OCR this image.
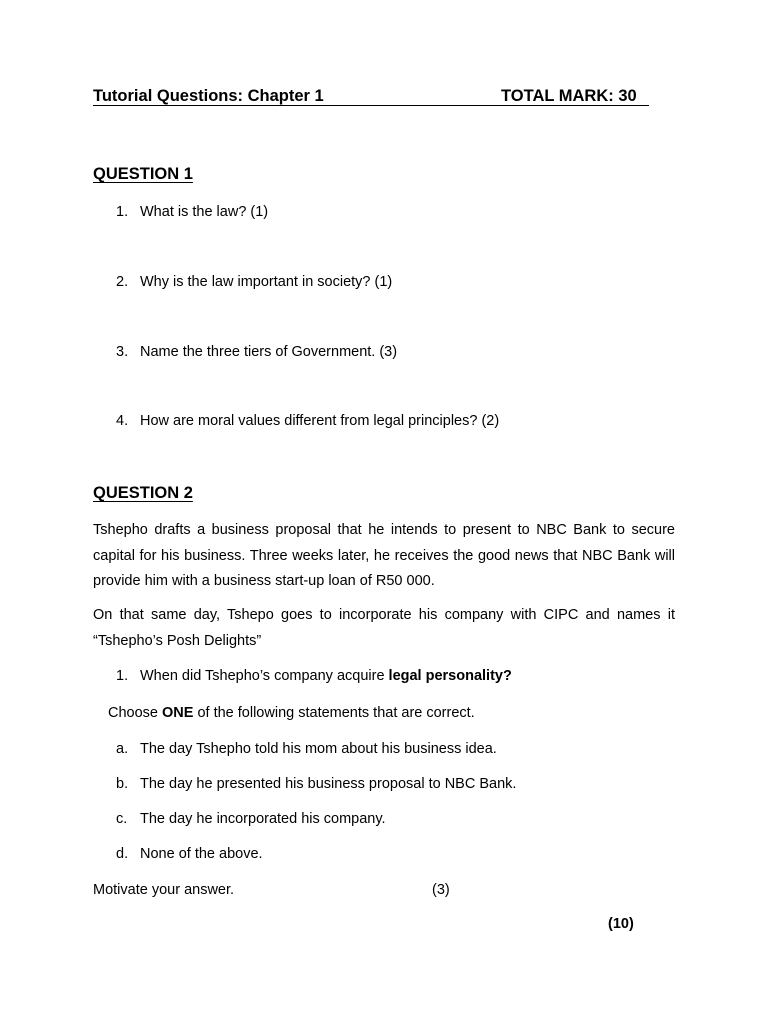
Tutorial Questions: Chapter 1	TOTAL MARK: 30
QUESTION 1
1. What is the law? (1)
2. Why is the law important in society? (1)
3. Name the three tiers of Government. (3)
4. How are moral values different from legal principles? (2)
QUESTION 2
Tshepho drafts a business proposal that he intends to present to NBC Bank to secure capital for his business. Three weeks later, he receives the good news that NBC Bank will provide him with a business start-up loan of R50 000.
On that same day, Tshepo goes to incorporate his company with CIPC and names it “Tshepho’s Posh Delights”
1. When did Tshepho’s company acquire legal personality?
Choose ONE of the following statements that are correct.
a. The day Tshepho told his mom about his business idea.
b. The day he presented his business proposal to NBC Bank.
c. The day he incorporated his company.
d. None of the above.
Motivate your answer.  	(3)
(10)
